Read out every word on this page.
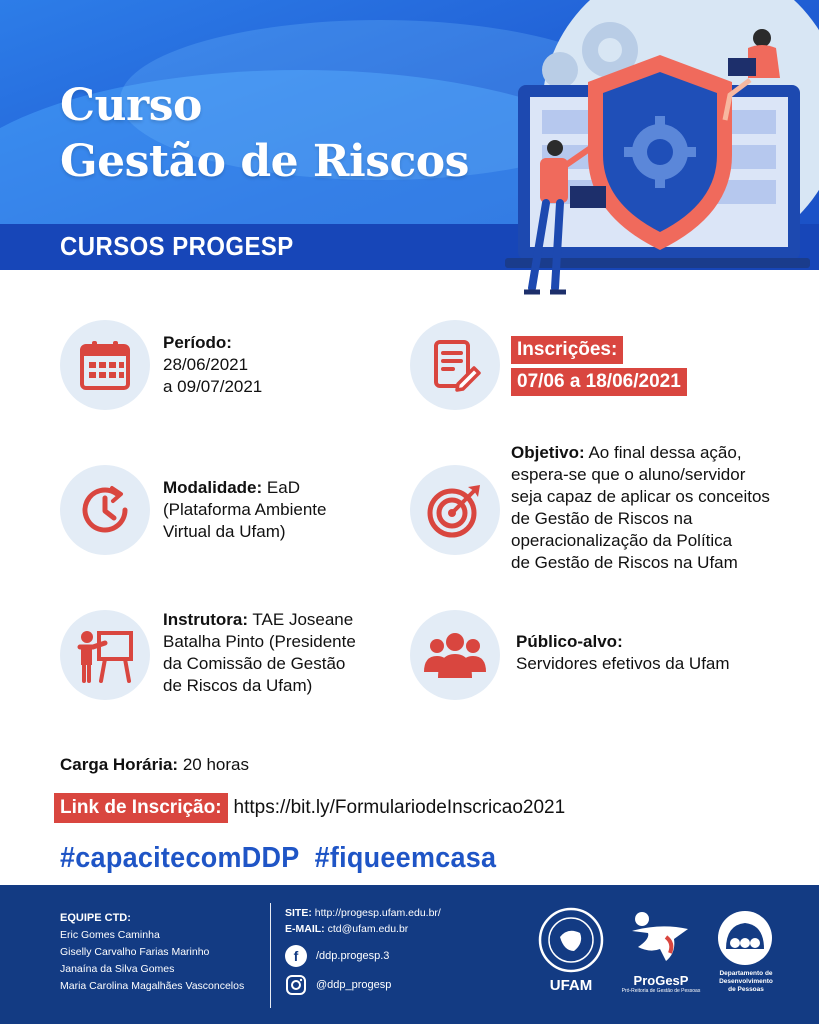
Curso
Gestão de Riscos
CURSOS PROGESP
Período:
28/06/2021
a 09/07/2021
Inscrições:
07/06 a 18/06/2021
Modalidade: EaD
(Plataforma Ambiente
Virtual da Ufam)
Objetivo: Ao final dessa ação,
espera-se que o aluno/servidor
seja capaz de aplicar os conceitos
de Gestão de Riscos na
operacionalização da Política
de Gestão de Riscos na Ufam
Instrutora: TAE Joseane
Batalha Pinto (Presidente
da Comissão de Gestão
de Riscos da Ufam)
Público-alvo:
Servidores efetivos da Ufam
Carga Horária: 20 horas
Link de Inscrição: https://bit.ly/FormulariodeInscricao2021
#capacitecomDDP  #fiqueemcasa
EQUIPE CTD:
Eric Gomes Caminha
Giselly Carvalho Farias Marinho
Janaína da Silva Gomes
Maria Carolina Magalhães Vasconcelos
SITE: http://progesp.ufam.edu.br/
E-MAIL: ctd@ufam.edu.br
f	/ddp.progesp.3
@ddp_progesp	UFAM	ProGesP
Pró-Reitoria de Gestão de Pessoas
Departamento de
Desenvolvimento
de Pessoas
